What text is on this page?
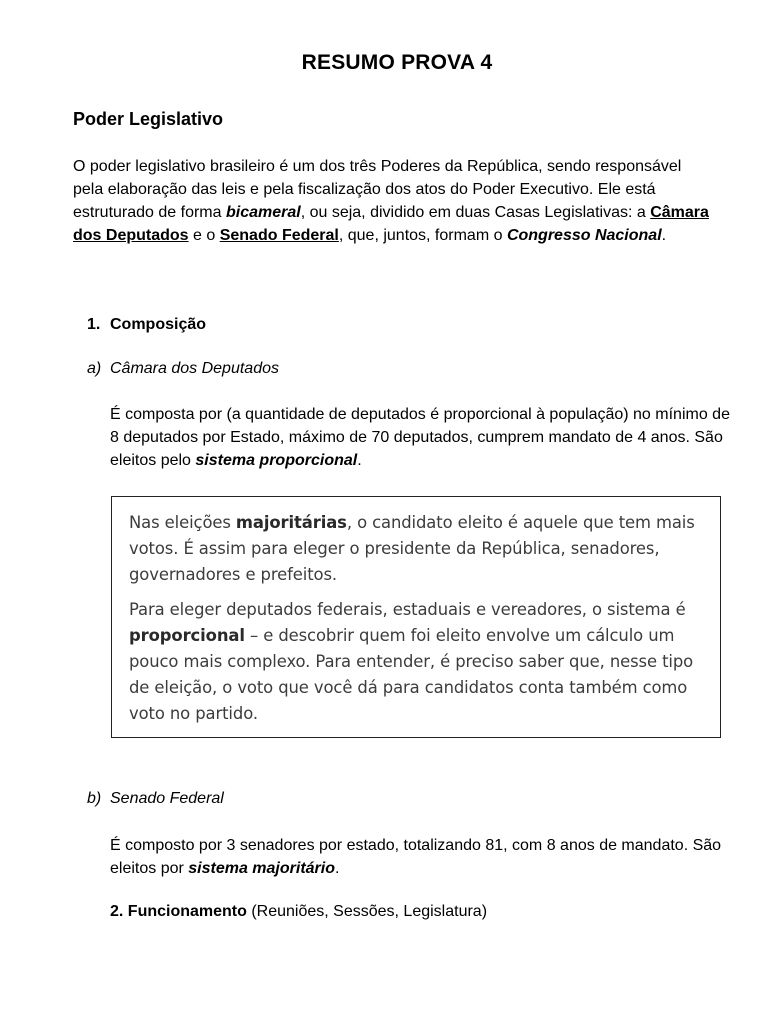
RESUMO PROVA 4
Poder Legislativo
O poder legislativo brasileiro é um dos três Poderes da República, sendo responsável pela elaboração das leis e pela fiscalização dos atos do Poder Executivo. Ele está estruturado de forma bicameral, ou seja, dividido em duas Casas Legislativas: a Câmara dos Deputados e o Senado Federal, que, juntos, formam o Congresso Nacional.
1. Composição
a) Câmara dos Deputados
É composta por (a quantidade de deputados é proporcional à população) no mínimo de 8 deputados por Estado, máximo de 70 deputados, cumprem mandato de 4 anos. São eleitos pelo sistema proporcional.

Nas eleições majoritárias, o candidato eleito é aquele que tem mais votos. É assim para eleger o presidente da República, senadores, governadores e prefeitos.

Para eleger deputados federais, estaduais e vereadores, o sistema é proporcional – e descobrir quem foi eleito envolve um cálculo um pouco mais complexo. Para entender, é preciso saber que, nesse tipo de eleição, o voto que você dá para candidatos conta também como voto no partido.

b) Senado Federal
É composto por 3 senadores por estado, totalizando 81, com 8 anos de mandato. São eleitos por sistema majoritário.
2. Funcionamento (Reuniões, Sessões, Legislatura)
